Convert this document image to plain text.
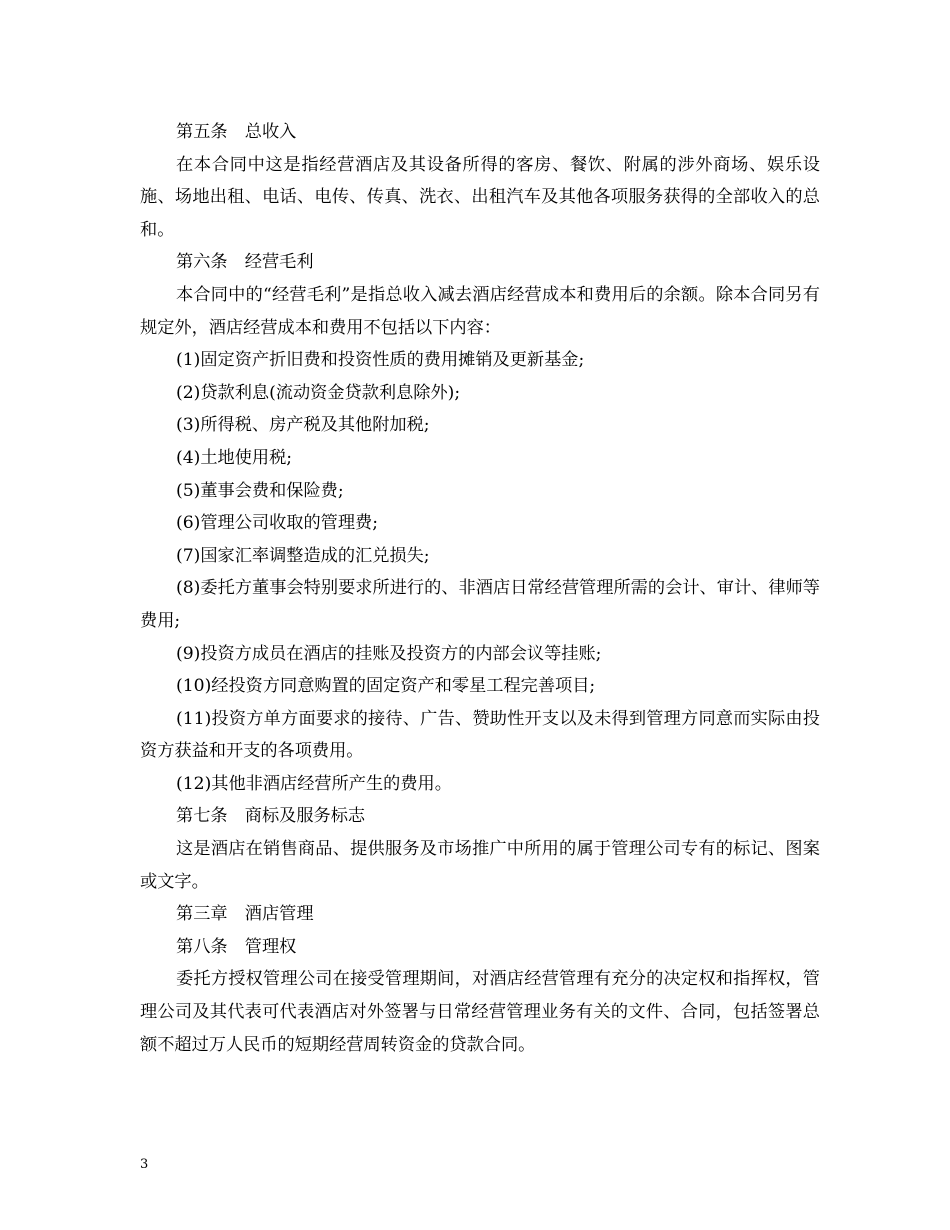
第五条　总收入

在本合同中这是指经营酒店及其设备所得的客房、餐饮、附属的涉外商场、娱乐设施、场地出租、电话、电传、传真、洗衣、出租汽车及其他各项服务获得的全部收入的总和。

第六条　经营毛利

本合同中的“经营毛利”是指总收入减去酒店经营成本和费用后的余额。除本合同另有规定外，酒店经营成本和费用不包括以下内容：

(1)固定资产折旧费和投资性质的费用摊销及更新基金;

(2)贷款利息(流动资金贷款利息除外);

(3)所得税、房产税及其他附加税;

(4)土地使用税;

(5)董事会费和保险费;

(6)管理公司收取的管理费;

(7)国家汇率调整造成的汇兑损失;

(8)委托方董事会特别要求所进行的、非酒店日常经营管理所需的会计、审计、律师等费用;

(9)投资方成员在酒店的挂账及投资方的内部会议等挂账;

(10)经投资方同意购置的固定资产和零星工程完善项目;

(11)投资方单方面要求的接待、广告、赞助性开支以及未得到管理方同意而实际由投资方获益和开支的各项费用。

(12)其他非酒店经营所产生的费用。

第七条　商标及服务标志

这是酒店在销售商品、提供服务及市场推广中所用的属于管理公司专有的标记、图案或文字。

第三章　酒店管理

第八条　管理权

委托方授权管理公司在接受管理期间，对酒店经营管理有充分的决定权和指挥权，管理公司及其代表可代表酒店对外签署与日常经营管理业务有关的文件、合同，包括签署总额不超过万人民币的短期经营周转资金的贷款合同。

3
